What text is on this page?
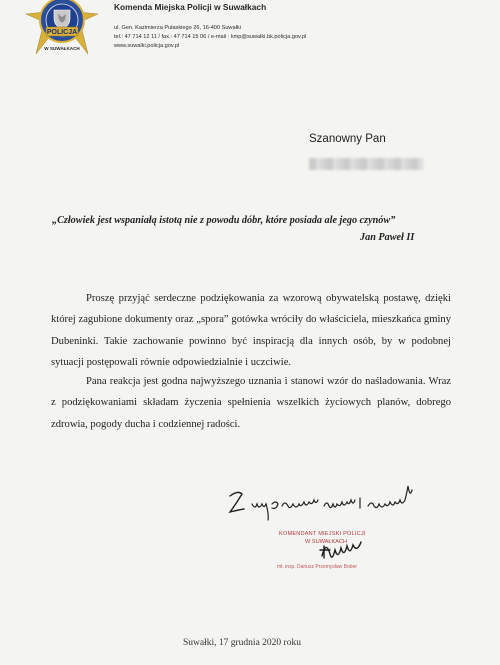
POLICJA
W SUWAŁKACH
Komenda Miejska Policji w Suwałkach
ul. Gen. Kazimierza Pułaskiego 26, 16-400 Suwałki
tel.: 47 714 12 11 / fax.: 47 714 15 06 / e-mail : kmp@suwalki.bk.policja.gov.pl
www.suwalki.policja.gov.pl
Szanowny Pan
„Człowiek jest wspaniałą istotą nie z powodu dóbr, które posiada ale jego czynów”
Jan Paweł II
Proszę przyjąć serdeczne podziękowania za wzorową obywatelską postawę, dzięki której zagubione dokumenty oraz „spora” gotówka wróciły do właściciela, mieszkańca gminy Dubeninki. Takie zachowanie powinno być inspiracją dla innych osób, by w podobnej sytuacji postępowali równie odpowiedzialnie i uczciwie.
Pana reakcja jest godna najwyższego uznania i stanowi wzór do naśladowania. Wraz z podziękowaniami składam życzenia spełnienia wszelkich życiowych planów, dobrego zdrowia, pogody ducha i codziennej radości.
KOMENDANT MIEJSKI POLICJI
W SUWAŁKACH
mł. insp. Dariusz Przemysław Bober
Suwałki, 17 grudnia 2020 roku
